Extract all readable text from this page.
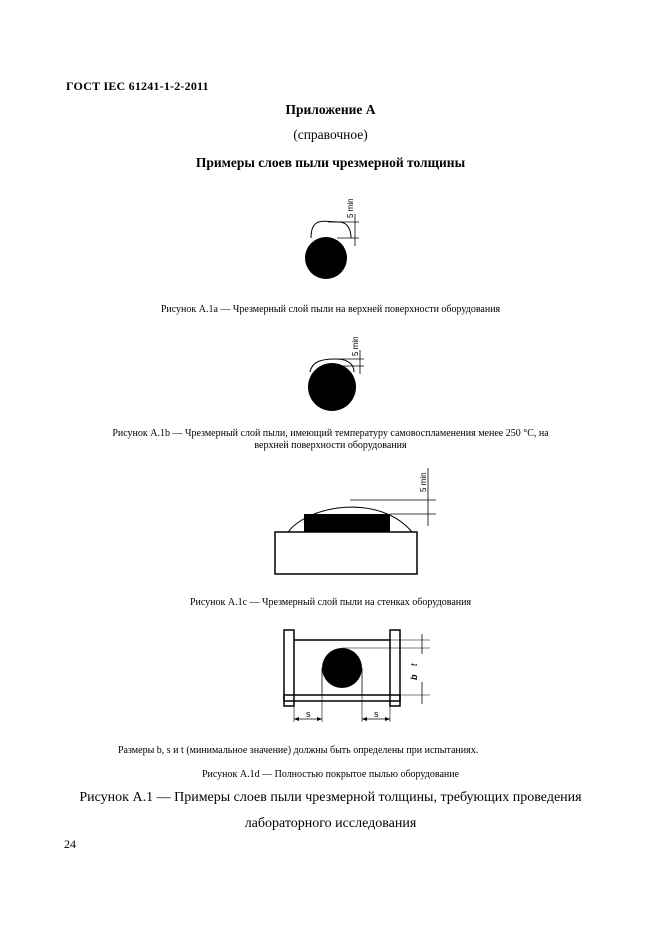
ГОСТ IEC 61241-1-2-2011
Приложение А
(справочное)
Примеры слоев пыли чрезмерной толщины
5 min
Рисунок А.1а — Чрезмерный слой пыли на верхней поверхности оборудования
5 min
Рисунок А.1b — Чрезмерный слой пыли, имеющий температуру самовоспламенения менее 250 °С, на
верхней поверхности оборудования
5 min
Рисунок А.1с — Чрезмерный слой пыли на стенках оборудования
t
b
s	s
Размеры b, s и t (минимальное значение) должны быть определены при испытаниях.
Рисунок А.1d — Полностью покрытое пылью оборудование
Рисунок А.1 — Примеры слоев пыли чрезмерной толщины, требующих проведения
лабораторного исследования
24
